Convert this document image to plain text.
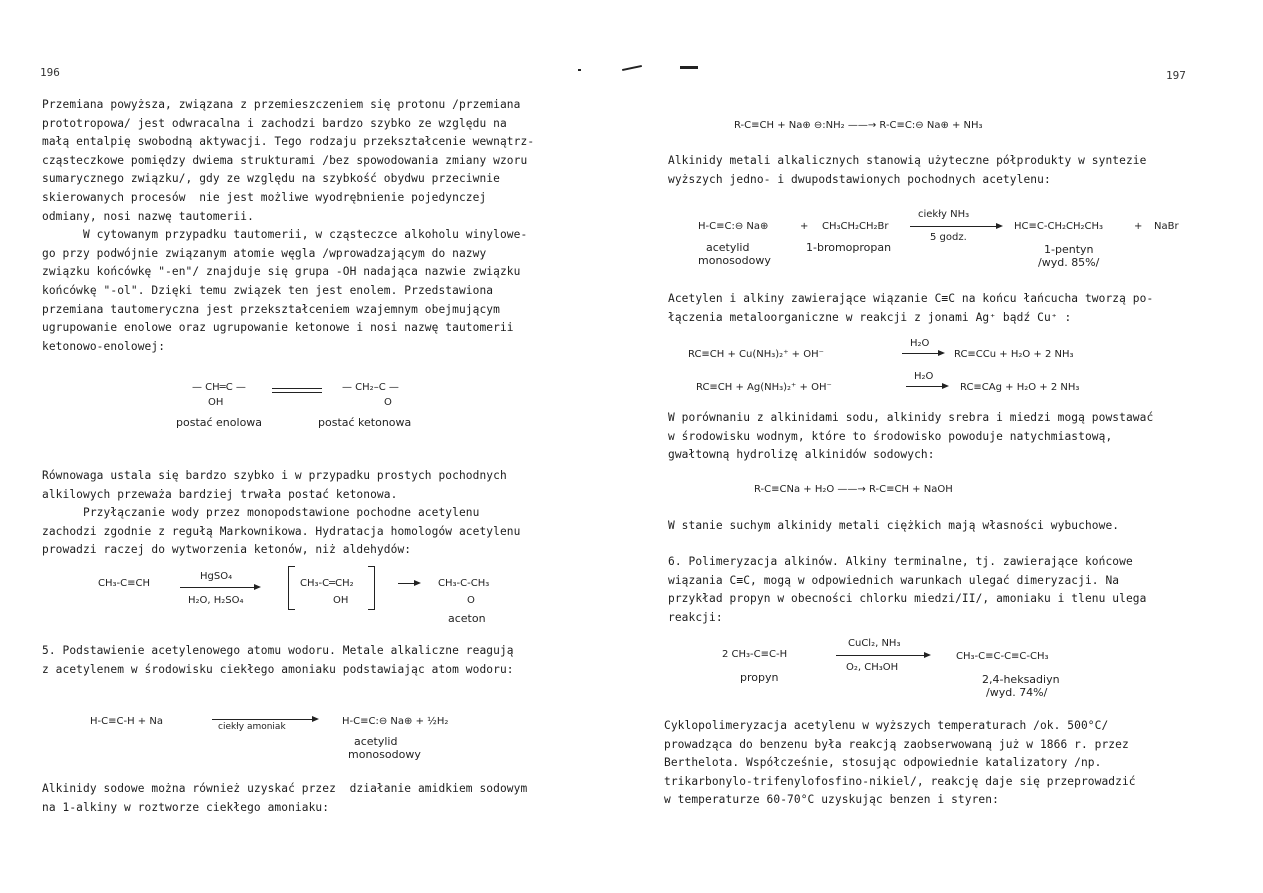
196
Przemiana powyższa, związana z przemieszczeniem się protonu /przemiana
prototropowa/ jest odwracalna i zachodzi bardzo szybko ze względu na
małą entalpię swobodną aktywacji. Tego rodzaju przekształcenie wewnątrz-
cząsteczkowe pomiędzy dwiema strukturami /bez spowodowania zmiany wzoru
sumarycznego związku/, gdy ze względu na szybkość obydwu przeciwnie
skierowanych procesów  nie jest możliwe wyodrębnienie pojedynczej
odmiany, nosi nazwę tautomerii.
W cytowanym przypadku tautomerii, w cząsteczce alkoholu winylowe-
go przy podwójnie związanym atomie węgla /wprowadzającym do nazwy
związku końcówkę "-en"/ znajduje się grupa -OH nadająca nazwie związku
końcówkę "-ol". Dzięki temu związek ten jest enolem. Przedstawiona
przemiana tautomeryczna jest przekształceniem wzajemnym obejmującym
ugrupowanie enolowe oraz ugrupowanie ketonowe i nosi nazwę tautomerii
ketonowo-enolowej:
— CH═C —
OH
— CH₂–C —
O
postać enolowa	postać ketonowa
Równowaga ustala się bardzo szybko i w przypadku prostych pochodnych
alkilowych przeważa bardziej trwała postać ketonowa.
Przyłączanie wody przez monopodstawione pochodne acetylenu
zachodzi zgodnie z regułą Markownikowa. Hydratacja homologów acetylenu
prowadzi raczej do wytworzenia ketonów, niż aldehydów:
CH₃-C≡CH
HgSO₄
H₂O, H₂SO₄
CH₃-C═CH₂
OH
CH₃-C-CH₃
O
aceton
5. Podstawienie acetylenowego atomu wodoru. Metale alkaliczne reagują
z acetylenem w środowisku ciekłego amoniaku podstawiając atom wodoru:
H-C≡C-H + Na	ciekły amoniak	H-C≡C:⊖ Na⊕ + ½H₂
acetylid
monosodowy
Alkinidy sodowe można również uzyskać przez  działanie amidkiem sodowym
na 1-alkiny w roztworze ciekłego amoniaku:
197
R-C≡CH + Na⊕ ⊖:NH₂ ——→ R-C≡C:⊖ Na⊕ + NH₃
Alkinidy metali alkalicznych stanowią użyteczne półprodukty w syntezie
wyższych jedno- i dwupodstawionych pochodnych acetylenu:
H-C≡C:⊖ Na⊕	+ CH₃CH₂CH₂Br
ciekły NH₃
5 godz.
HC≡C-CH₂CH₂CH₃	+ NaBr
acetylid
monosodowy
1-bromopropan	1-pentyn
/wyd. 85%/
Acetylen i alkiny zawierające wiązanie C≡C na końcu łańcucha tworzą po-
łączenia metaloorganiczne w reakcji z jonami Ag⁺ bądź Cu⁺ :
RC≡CH + Cu(NH₃)₂⁺ + OH⁻
H₂O
RC≡CCu + H₂O + 2 NH₃
RC≡CH + Ag(NH₃)₂⁺ + OH⁻
H₂O
RC≡CAg + H₂O + 2 NH₃
W porównaniu z alkinidami sodu, alkinidy srebra i miedzi mogą powstawać
w środowisku wodnym, które to środowisko powoduje natychmiastową,
gwałtowną hydrolizę alkinidów sodowych:
R-C≡CNa + H₂O ——→ R-C≡CH + NaOH
W stanie suchym alkinidy metali ciężkich mają własności wybuchowe.
6. Polimeryzacja alkinów. Alkiny terminalne, tj. zawierające końcowe
wiązania C≡C, mogą w odpowiednich warunkach ulegać dimeryzacji. Na
przykład propyn w obecności chlorku miedzi/II/, amoniaku i tlenu ulega
reakcji:
2 CH₃-C≡C-H
CuCl₂, NH₃
O₂, CH₃OH
CH₃-C≡C-C≡C-CH₃
propyn	2,4-heksadiyn
/wyd. 74%/
Cyklopolimeryzacja acetylenu w wyższych temperaturach /ok. 500°C/
prowadząca do benzenu była reakcją zaobserwowaną już w 1866 r. przez
Berthelota. Współcześnie, stosując odpowiednie katalizatory /np.
trikarbonylo-trifenylofosfino-nikiel/, reakcję daje się przeprowadzić
w temperaturze 60-70°C uzyskując benzen i styren:
